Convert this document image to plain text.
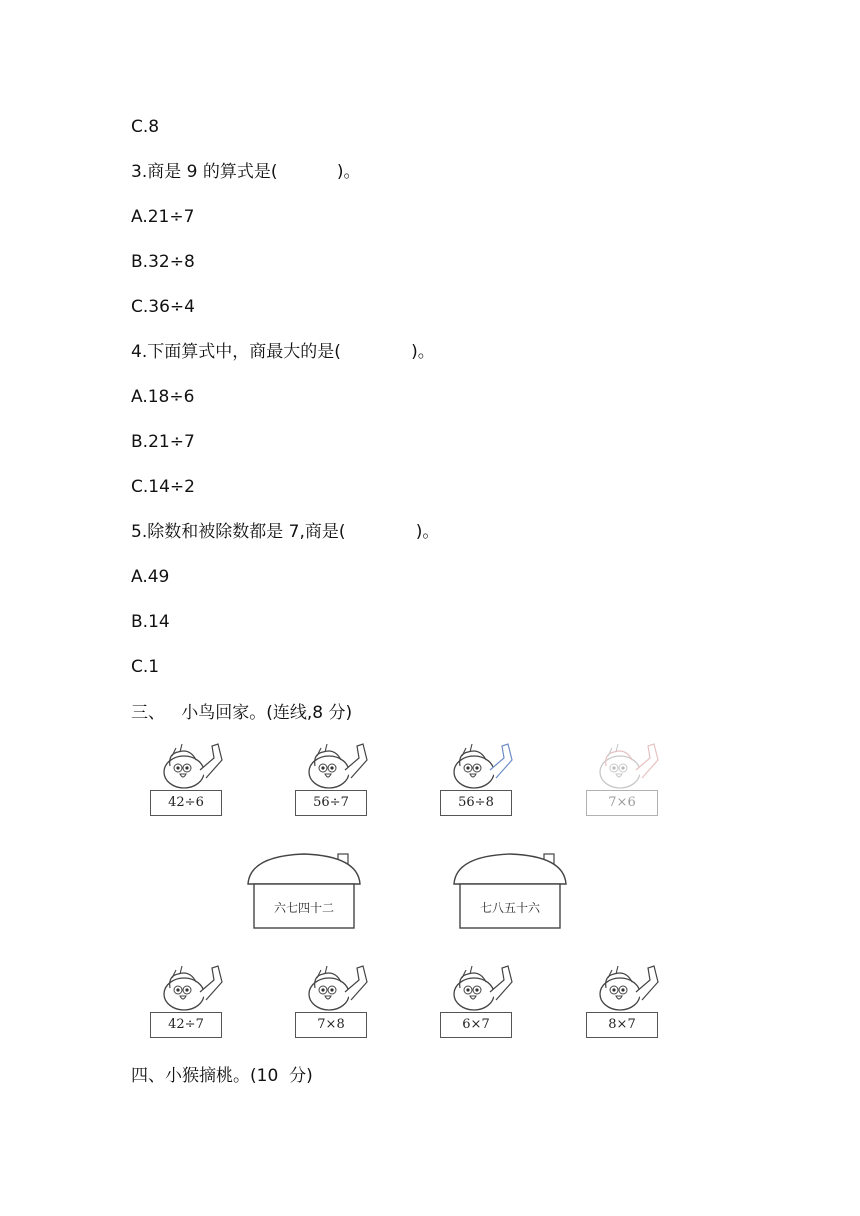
C.8
3.商是 9 的算式是(           )。
A.21÷7
B.32÷8
C.36÷4
4.下面算式中，商最大的是(             )。
A.18÷6
B.21÷7
C.14÷2
5.除数和被除数都是 7,商是(             )。
A.49
B.14
C.1
三、   小鸟回家。(连线,8 分)
42÷6	56÷7	56÷8	7×6
六七四十二	七八五十六
42÷7	7×8	6×7	8×7
四、小猴摘桃。(10  分)
